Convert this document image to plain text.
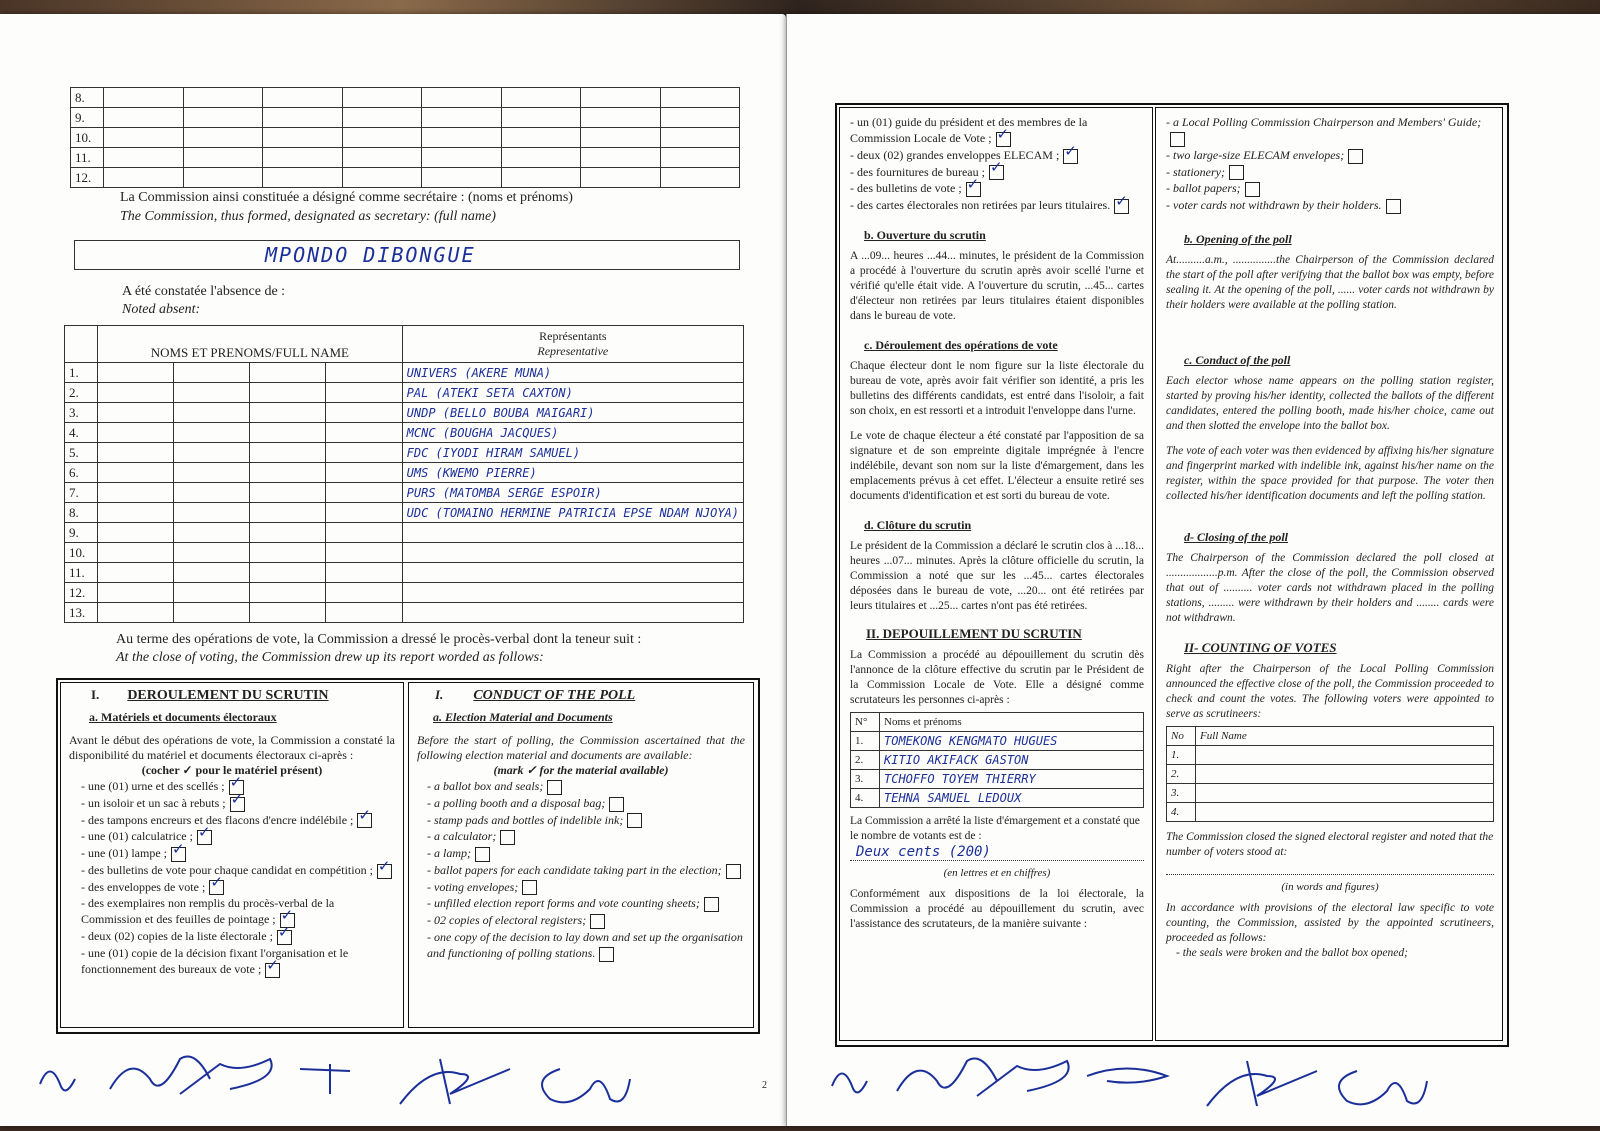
8.								
9.								
10.								
11.								
12.								
La Commission ainsi constituée a désigné comme secrétaire : (noms et prénoms)
The Commission, thus formed, designated as secretary: (full name)
MPONDO DIBONGUE
A été constatée l'absence de :
Noted absent:
	NOMS ET PRENOMS/FULL NAME				Représentants
Representative
1.					UNIVERS (AKERE MUNA)
2.					PAL (ATEKI SETA CAXTON)
3.					UNDP (BELLO BOUBA MAIGARI)
4.					MCNC (BOUGHA JACQUES)
5.					FDC (IYODI HIRAM SAMUEL)
6.					UMS (KWEMO PIERRE)
7.					PURS (MATOMBA SERGE ESPOIR)
8.					UDC (TOMAINO HERMINE PATRICIA EPSE NDAM NJOYA)
9.					
10.					
11.					
12.					
13.					
Au terme des opérations de vote, la Commission a dressé le procès-verbal dont la teneur suit :
At the close of voting, the Commission drew up its report worded as follows:
I. DEROULEMENT DU SCRUTIN
a. Matériels et documents électoraux

Avant le début des opérations de vote, la Commission a constaté la disponibilité du matériel et documents électoraux ci-après :

(cocher ✓ pour le matériel présent)
- une (01) urne et des scellés ;✓
- un isoloir et un sac à rebuts ;✓
- des tampons encreurs et des flacons d'encre indélébile ;✓
- une (01) calculatrice ;✓
- une (01) lampe ;✓
- des bulletins de vote pour chaque candidat en compétition ;✓
- des enveloppes de vote ;✓
- des exemplaires non remplis du procès-verbal de la Commission et des feuilles de pointage ;✓
- deux (02) copies de la liste électorale ;✓
- une (01) copie de la décision fixant l'organisation et le fonctionnement des bureaux de vote ;✓
I. CONDUCT OF THE POLL
a. Election Material and Documents

Before the start of polling, the Commission ascertained that the following election material and documents are available:

(mark ✓ for the material available)
- a ballot box and seals;
- a polling booth and a disposal bag;
- stamp pads and bottles of indelible ink;
- a calculator;
- a lamp;
- ballot papers for each candidate taking part in the election;
- voting envelopes;
- unfilled election report forms and vote counting sheets;
- 02 copies of electoral registers;
- one copy of the decision to lay down and set up the organisation and functioning of polling stations.
2
- un (01) guide du président et des membres de la Commission Locale de Vote ;✓
- deux (02) grandes enveloppes ELECAM ;✓
- des fournitures de bureau ;✓
- des bulletins de vote ;✓
- des cartes électorales non retirées par leurs titulaires.✓
b. Ouverture du scrutin

A ...09... heures ...44... minutes, le président de la Commission a procédé à l'ouverture du scrutin après avoir scellé l'urne et vérifié qu'elle était vide. A l'ouverture du scrutin, ...45... cartes d'électeur non retirées par leurs titulaires étaient disponibles dans le bureau de vote.

c. Déroulement des opérations de vote

Chaque électeur dont le nom figure sur la liste électorale du bureau de vote, après avoir fait vérifier son identité, a pris les bulletins des différents candidats, est entré dans l'isoloir, a fait son choix, en est ressorti et a introduit l'enveloppe dans l'urne.

Le vote de chaque électeur a été constaté par l'apposition de sa signature et de son empreinte digitale imprégnée à l'encre indélébile, devant son nom sur la liste d'émargement, dans les emplacements prévus à cet effet. L'électeur a ensuite retiré ses documents d'identification et est sorti du bureau de vote.

d. Clôture du scrutin

Le président de la Commission a déclaré le scrutin clos à ...18... heures ...07... minutes. Après la clôture officielle du scrutin, la Commission a noté que sur les ...45... cartes électorales déposées dans le bureau de vote, ...20... ont été retirées par leurs titulaires et ...25... cartes n'ont pas été retirées.

II. DEPOUILLEMENT DU SCRUTIN

La Commission a procédé au dépouillement du scrutin dès l'annonce de la clôture effective du scrutin par le Président de la Commission Locale de Vote. Elle a désigné comme scrutateurs les personnes ci-après :

N°	Noms et prénoms
1.	TOMEKONG KENGMATO HUGUES
2.	KITIO AKIFACK GASTON
3.	TCHOFFO TOYEM THIERRY
4.	TEHNA SAMUEL LEDOUX

La Commission a arrêté la liste d'émargement et a constaté que le nombre de votants est de :

Deux cents (200)
(en lettres et en chiffres)

Conformément aux dispositions de la loi électorale, la Commission a procédé au dépouillement du scrutin, avec l'assistance des scrutateurs, de la manière suivante :

- a Local Polling Commission Chairperson and Members' Guide;
- two large-size ELECAM envelopes;
- stationery;
- ballot papers;
- voter cards not withdrawn by their holders.
b. Opening of the poll

At..........a.m., ...............the Chairperson of the Commission declared the start of the poll after verifying that the ballot box was empty, before sealing it. At the opening of the poll, ...... voter cards not withdrawn by their holders were available at the polling station.

c. Conduct of the poll

Each elector whose name appears on the polling station register, started by proving his/her identity, collected the ballots of the different candidates, entered the polling booth, made his/her choice, came out and then slotted the envelope into the ballot box.

The vote of each voter was then evidenced by affixing his/her signature and fingerprint marked with indelible ink, against his/her name on the register, within the space provided for that purpose. The voter then collected his/her identification documents and left the polling station.

d- Closing of the poll

The Chairperson of the Commission declared the poll closed at ..................p.m. After the close of the poll, the Commission observed that out of .......... voter cards not withdrawn placed in the polling stations, ......... were withdrawn by their holders and ........ cards were not withdrawn.

II- COUNTING OF VOTES

Right after the Chairperson of the Local Polling Commission announced the effective close of the poll, the Commission proceeded to check and count the votes. The following voters were appointed to serve as scrutineers:

No	Full Name
1.	
2.	
3.	
4.	

The Commission closed the signed electoral register and noted that the number of voters stood at:

(in words and figures)

In accordance with provisions of the electoral law specific to vote counting, the Commission, assisted by the appointed scrutineers, proceeded as follows:

- the seals were broken and the ballot box opened;
